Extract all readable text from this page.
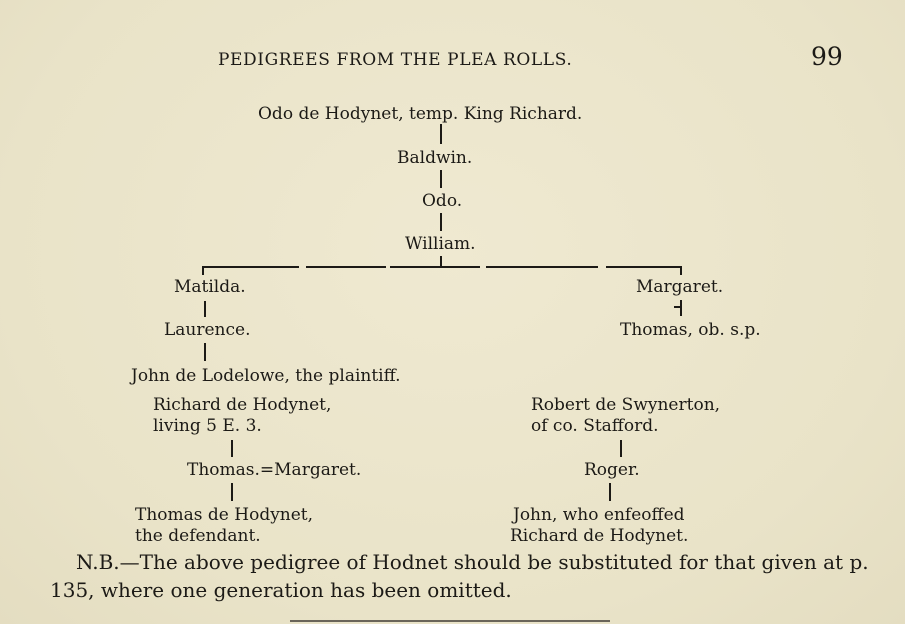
PEDIGREES FROM THE PLEA ROLLS.	99
Odo de Hodynet, temp. King Richard.
Baldwin.
Odo.
William.
Matilda.
Laurence.
John de Lodelowe, the plaintiff.
Margaret.
Thomas, ob. s.p.
Richard de Hodynet,
living 5 E. 3.
Thomas.=Margaret.
Thomas de Hodynet,
the defendant.
Robert de Swynerton,
of co. Stafford.
Roger.
John, who enfeoffed
Richard de Hodynet.

N.B.—The above pedigree of Hodnet should be substituted for that given at p. 135, where one generation has been omitted.
